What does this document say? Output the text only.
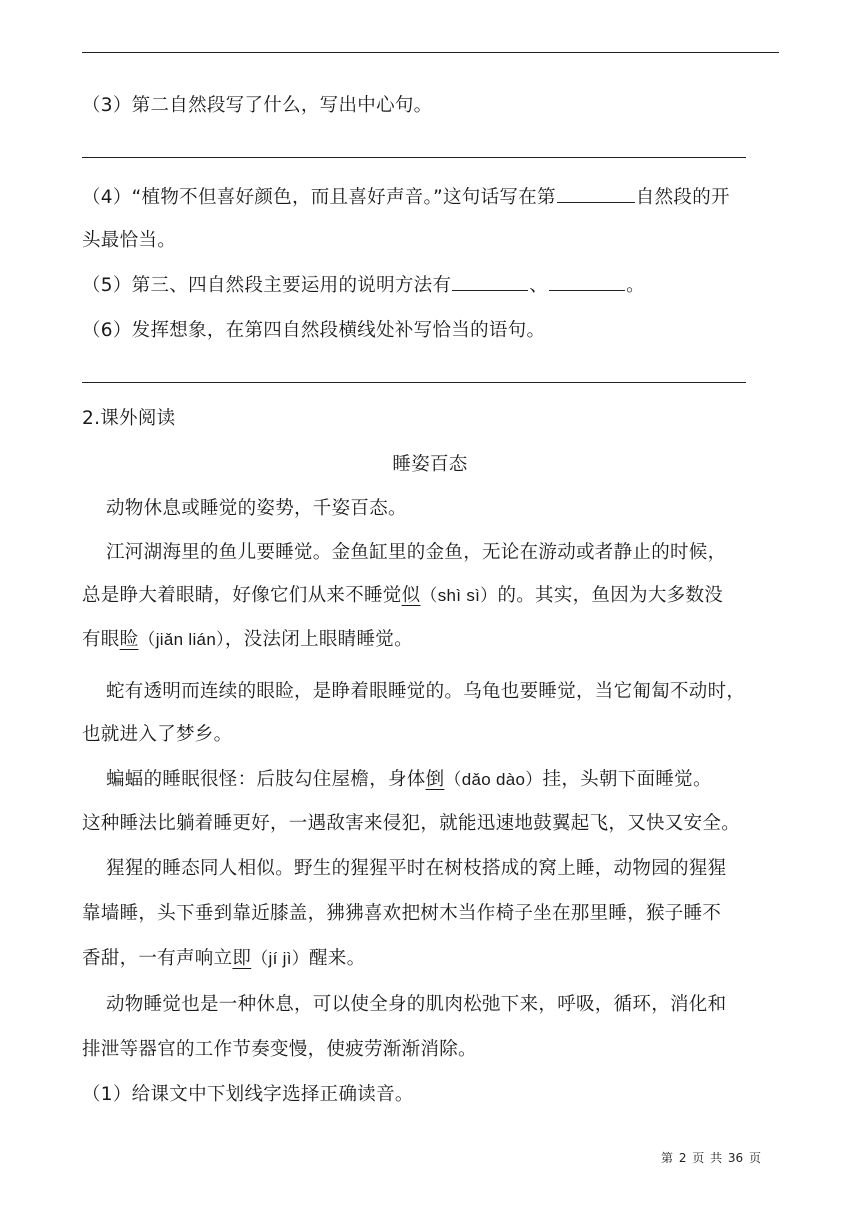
（3）第二自然段写了什么，写出中心句。
（4）“植物不但喜好颜色，而且喜好声音。”这句话写在第	自然段的开
头最恰当。
（5）第三、四自然段主要运用的说明方法有	、	。
（6）发挥想象，在第四自然段横线处补写恰当的语句。
2.课外阅读
睡姿百态
动物休息或睡觉的姿势，千姿百态。
江河湖海里的鱼儿要睡觉。金鱼缸里的金鱼，无论在游动或者静止的时候，
总是睁大着眼睛，好像它们从来不睡觉似（shì sì）的。其实，鱼因为大多数没
有眼睑（jiǎn lián），没法闭上眼睛睡觉。
蛇有透明而连续的眼睑，是睁着眼睡觉的。乌龟也要睡觉，当它匍匐不动时，
也就进入了梦乡。
蝙蝠的睡眠很怪：后肢勾住屋檐，身体倒（dǎo dào）挂，头朝下面睡觉。
这种睡法比躺着睡更好，一遇敌害来侵犯，就能迅速地鼓翼起飞，又快又安全。
猩猩的睡态同人相似。野生的猩猩平时在树枝搭成的窝上睡，动物园的猩猩
靠墙睡，头下垂到靠近膝盖，狒狒喜欢把树木当作椅子坐在那里睡，猴子睡不
香甜，一有声响立即（jí jì）醒来。
动物睡觉也是一种休息，可以使全身的肌肉松弛下来，呼吸，循环，消化和
排泄等器官的工作节奏变慢，使疲劳渐渐消除。
（1）给课文中下划线字选择正确读音。
第 2 页 共 36 页
